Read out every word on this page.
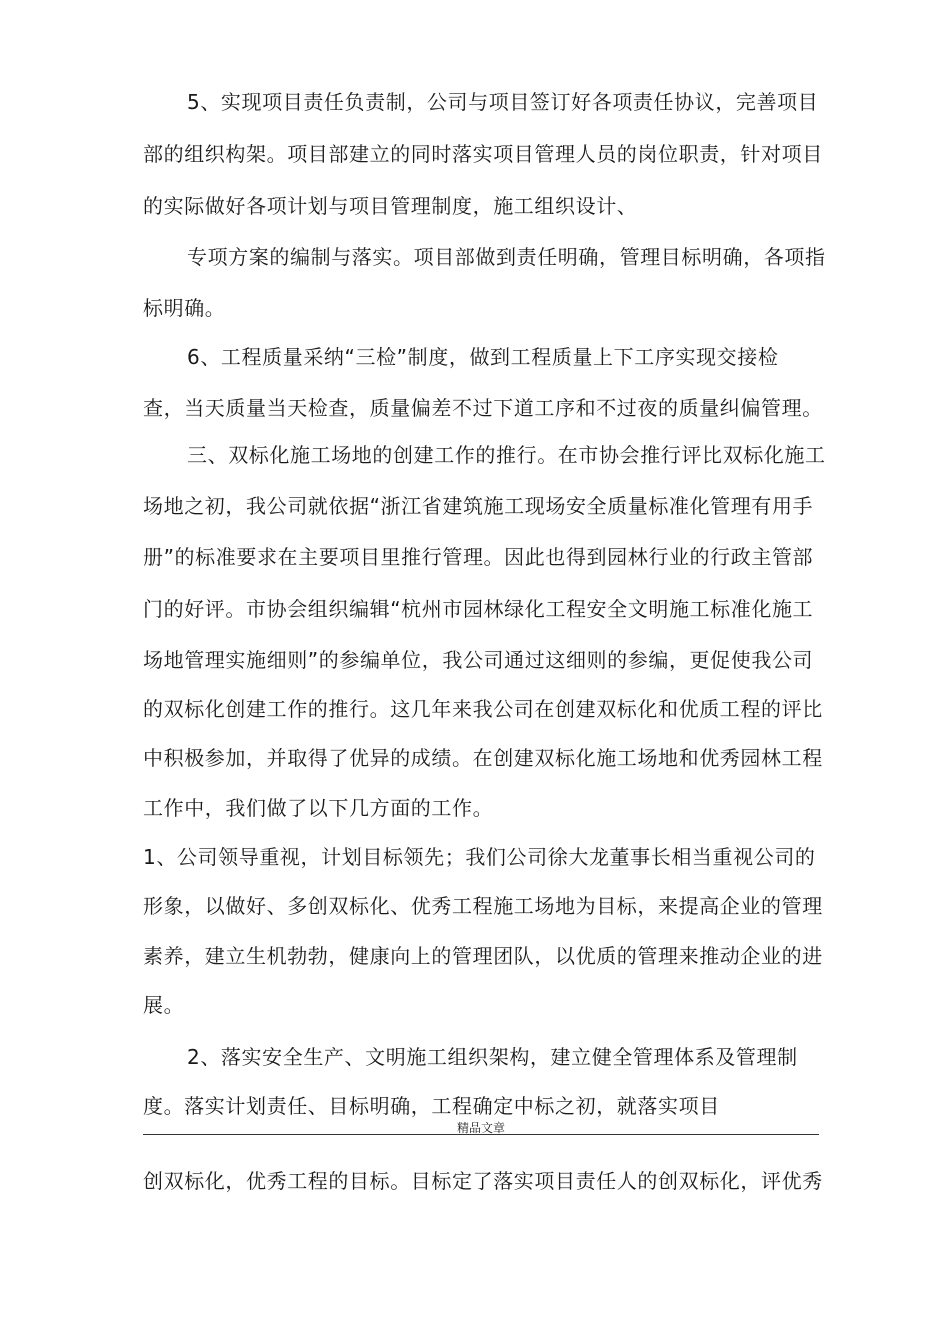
5、实现项目责任负责制，公司与项目签订好各项责任协议，完善项目
部的组织构架。项目部建立的同时落实项目管理人员的岗位职责，针对项目
的实际做好各项计划与项目管理制度，施工组织设计、
专项方案的编制与落实。项目部做到责任明确，管理目标明确，各项指
标明确。
6、工程质量采纳“三检”制度，做到工程质量上下工序实现交接检
查，当天质量当天检查，质量偏差不过下道工序和不过夜的质量纠偏管理。
三、双标化施工场地的创建工作的推行。在市协会推行评比双标化施工
场地之初，我公司就依据“浙江省建筑施工现场安全质量标准化管理有用手
册”的标准要求在主要项目里推行管理。因此也得到园林行业的行政主管部
门的好评。市协会组织编辑“杭州市园林绿化工程安全文明施工标准化施工
场地管理实施细则”的参编单位，我公司通过这细则的参编，更促使我公司
的双标化创建工作的推行。这几年来我公司在创建双标化和优质工程的评比
中积极参加，并取得了优异的成绩。在创建双标化施工场地和优秀园林工程
工作中，我们做了以下几方面的工作。
1、公司领导重视，计划目标领先；我们公司徐大龙董事长相当重视公司的
形象，以做好、多创双标化、优秀工程施工场地为目标，来提高企业的管理
素养，建立生机勃勃，健康向上的管理团队，以优质的管理来推动企业的进
展。
2、落实安全生产、文明施工组织架构，建立健全管理体系及管理制
度。落实计划责任、目标明确，工程确定中标之初，就落实项目
精品文章
创双标化，优秀工程的目标。目标定了落实项目责任人的创双标化，评优秀
